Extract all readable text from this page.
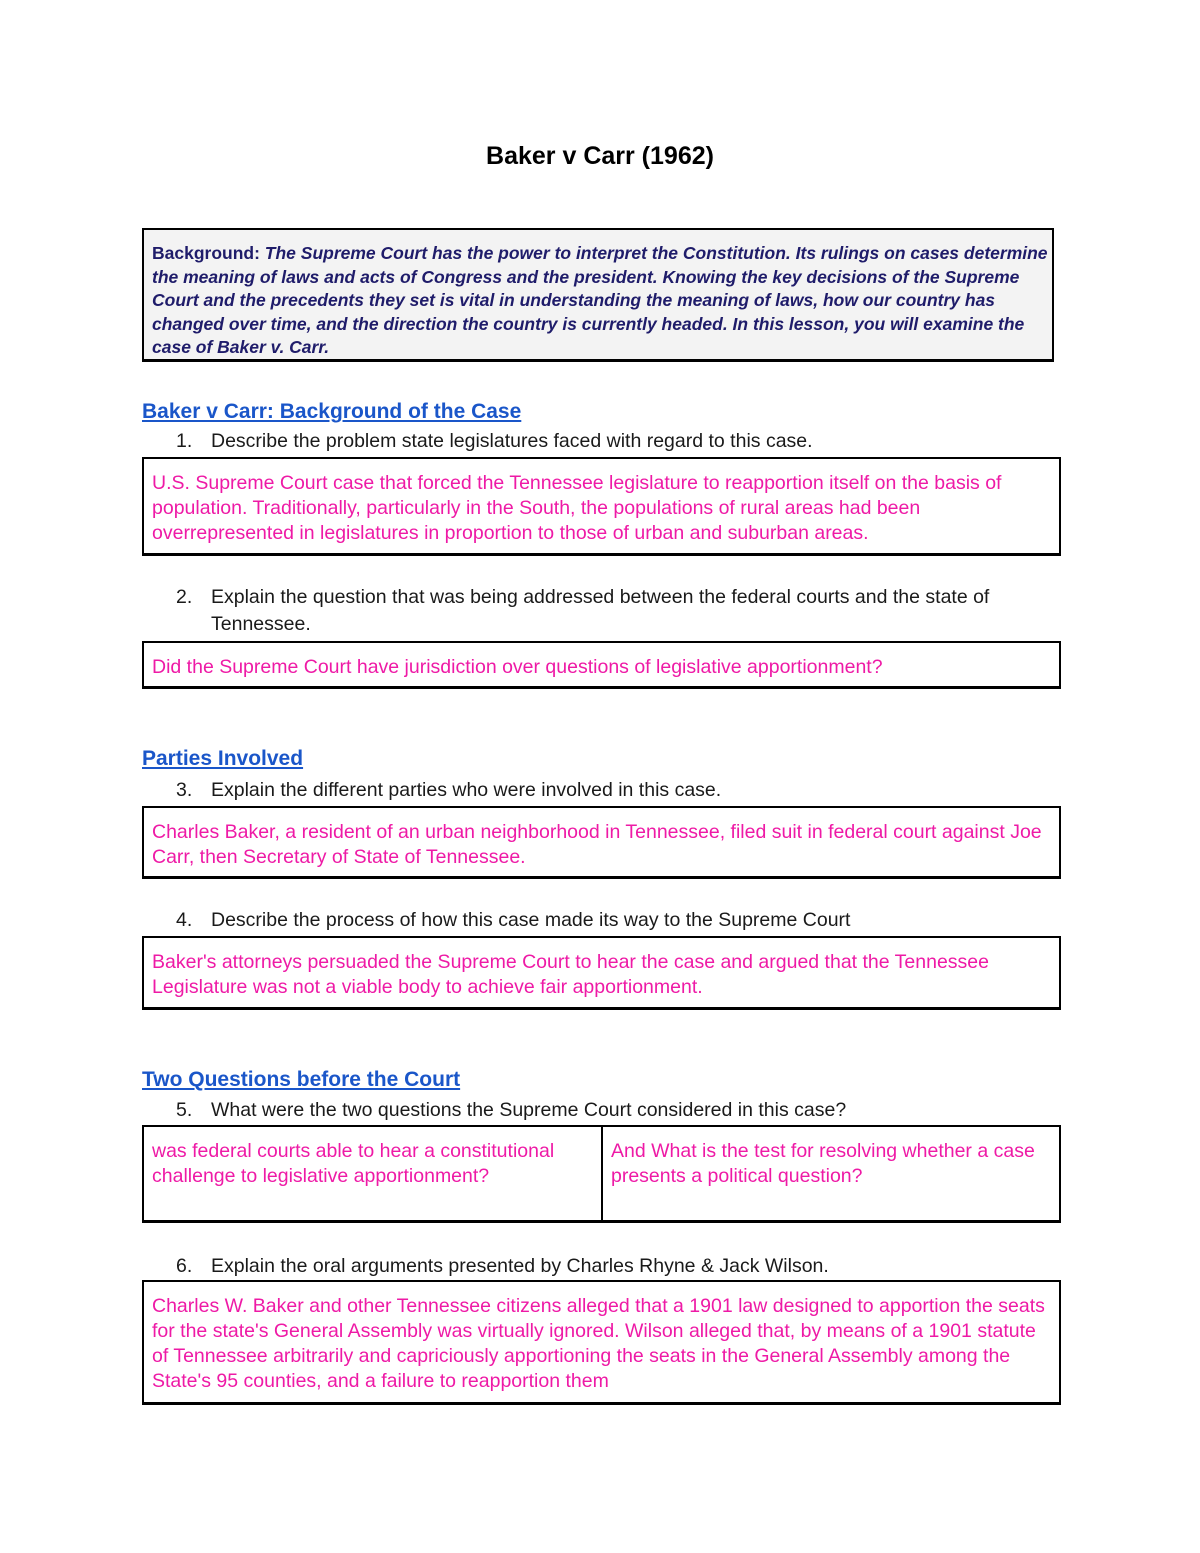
Baker v Carr (1962)
Background: The Supreme Court has the power to interpret the Constitution. Its rulings on cases determine the meaning of laws and acts of Congress and the president. Knowing the key decisions of the Supreme Court and the precedents they set is vital in understanding the meaning of laws, how our country has changed over time, and the direction the country is currently headed. In this lesson, you will examine the case of Baker v. Carr.
Baker v Carr: Background of the Case
1. Describe the problem state legislatures faced with regard to this case.
U.S. Supreme Court case that forced the Tennessee legislature to reapportion itself on the basis of population. Traditionally, particularly in the South, the populations of rural areas had been overrepresented in legislatures in proportion to those of urban and suburban areas.
2. Explain the question that was being addressed between the federal courts and the state of Tennessee.
Did the Supreme Court have jurisdiction over questions of legislative apportionment?
Parties Involved
3. Explain the different parties who were involved in this case.
Charles Baker, a resident of an urban neighborhood in Tennessee, filed suit in federal court against Joe Carr, then Secretary of State of Tennessee.
4. Describe the process of how this case made its way to the Supreme Court
Baker's attorneys persuaded the Supreme Court to hear the case and argued that the Tennessee Legislature was not a viable body to achieve fair apportionment.
Two Questions before the Court
5. What were the two questions the Supreme Court considered in this case?
was federal courts able to hear a constitutional challenge to legislative apportionment?
And What is the test for resolving whether a case presents a political question?
6. Explain the oral arguments presented by Charles Rhyne & Jack Wilson.
Charles W. Baker and other Tennessee citizens alleged that a 1901 law designed to apportion the seats for the state's General Assembly was virtually ignored. Wilson alleged that, by means of a 1901 statute of Tennessee arbitrarily and capriciously apportioning the seats in the General Assembly among the State's 95 counties, and a failure to reapportion them
